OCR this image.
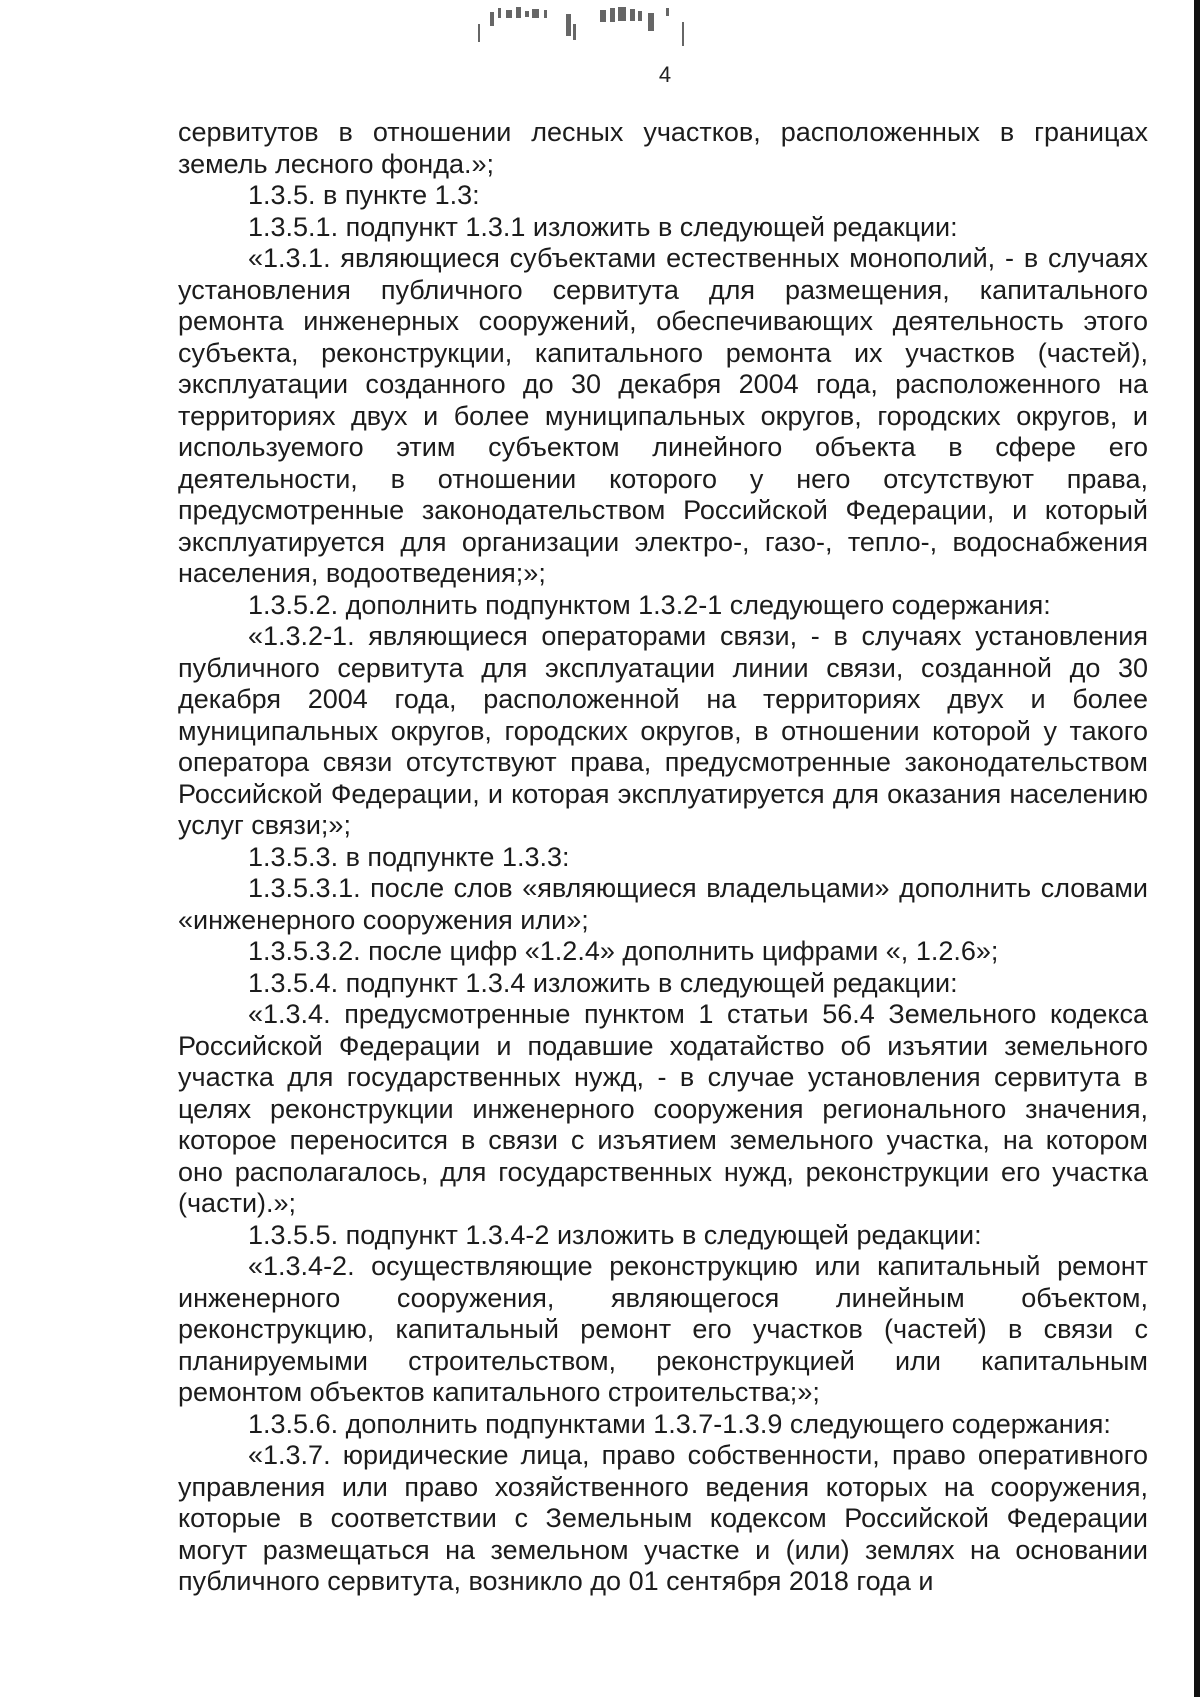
4

сервитутов в отношении лесных участков, расположенных в границах земель лесного фонда.»;

1.3.5. в пункте 1.3:

1.3.5.1. подпункт 1.3.1 изложить в следующей редакции:

«1.3.1. являющиеся субъектами естественных монополий, - в случаях установления публичного сервитута для размещения, капитального ремонта инженерных сооружений, обеспечивающих деятельность этого субъекта, реконструкции, капитального ремонта их участков (частей), эксплуатации созданного до 30 декабря 2004 года, расположенного на территориях двух и более муниципальных округов, городских округов, и используемого этим субъектом линейного объекта в сфере его деятельности, в отношении которого у него отсутствуют права, предусмотренные законодательством Российской Федерации, и который эксплуатируется для организации электро-, газо-, тепло-, водоснабжения населения, водоотведения;»;

1.3.5.2. дополнить подпунктом 1.3.2-1 следующего содержания:

«1.3.2-1. являющиеся операторами связи, - в случаях установления публичного сервитута для эксплуатации линии связи, созданной до 30 декабря 2004 года, расположенной на территориях двух и более муниципальных округов, городских округов, в отношении которой у такого оператора связи отсутствуют права, предусмотренные законодательством Российской Федерации, и которая эксплуатируется для оказания населению услуг связи;»;

1.3.5.3. в подпункте 1.3.3:

1.3.5.3.1. после слов «являющиеся владельцами» дополнить словами «инженерного сооружения или»;

1.3.5.3.2. после цифр «1.2.4» дополнить цифрами «, 1.2.6»;

1.3.5.4. подпункт 1.3.4 изложить в следующей редакции:

«1.3.4. предусмотренные пунктом 1 статьи 56.4 Земельного кодекса Российской Федерации и подавшие ходатайство об изъятии земельного участка для государственных нужд, - в случае установления сервитута в целях реконструкции инженерного сооружения регионального значения, которое переносится в связи с изъятием земельного участка, на котором оно располагалось, для государственных нужд, реконструкции его участка (части).»;

1.3.5.5. подпункт 1.3.4-2 изложить в следующей редакции:

«1.3.4-2. осуществляющие реконструкцию или капитальный ремонт инженерного сооружения, являющегося линейным объектом, реконструкцию, капитальный ремонт его участков (частей) в связи с планируемыми строительством, реконструкцией или капитальным ремонтом объектов капитального строительства;»;

1.3.5.6. дополнить подпунктами 1.3.7-1.3.9 следующего содержания:

«1.3.7. юридические лица, право собственности, право оперативного управления или право хозяйственного ведения которых на сооружения, которые в соответствии с Земельным кодексом Российской Федерации могут размещаться на земельном участке и (или) землях на основании публичного сервитута, возникло до 01 сентября 2018 года и
